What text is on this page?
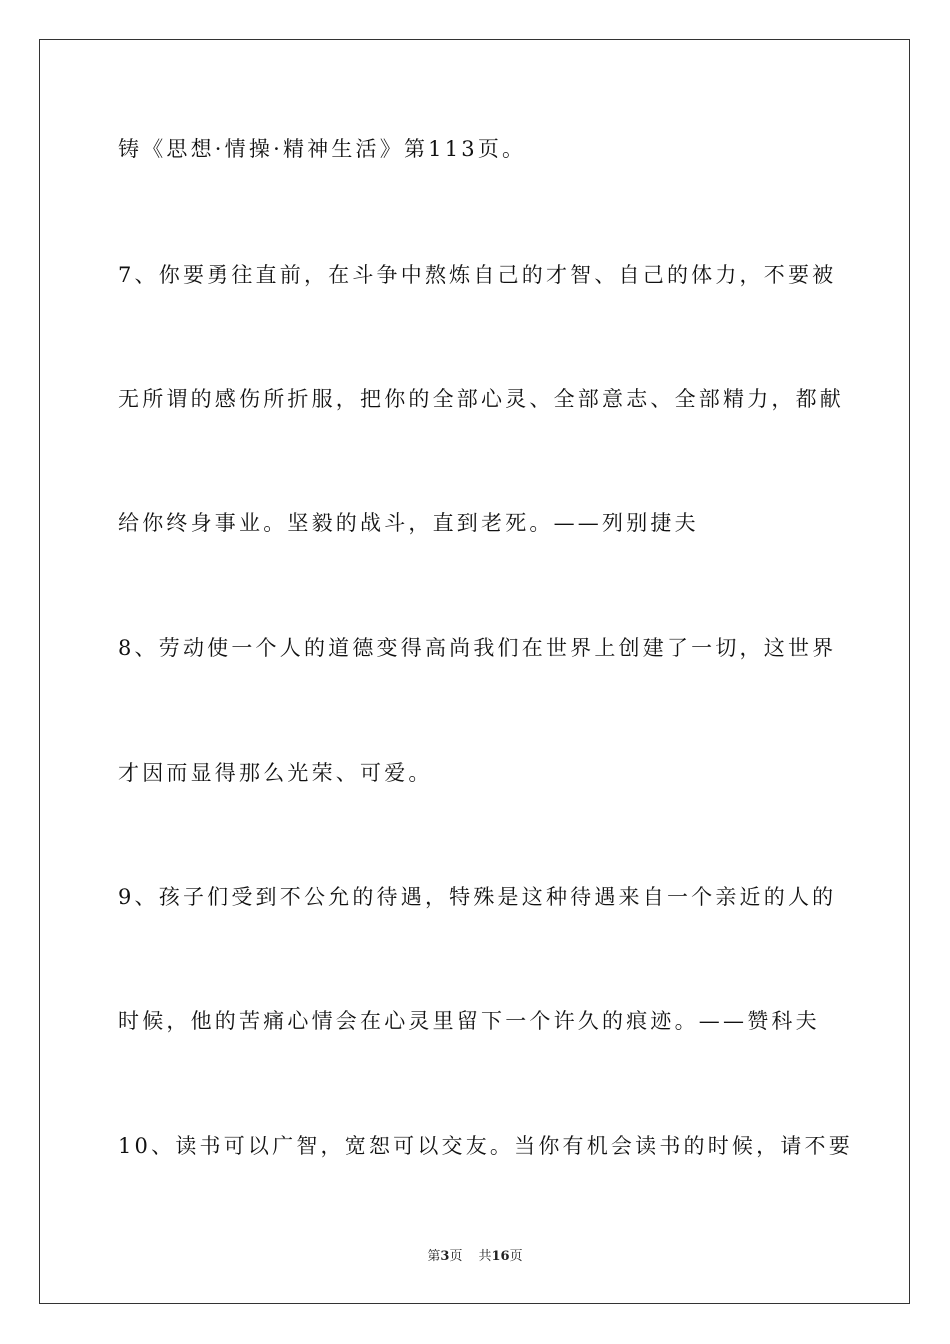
铸《思想·情操·精神生活》第113页。
7、你要勇往直前，在斗争中熬炼自己的才智、自己的体力，不要被
无所谓的感伤所折服，把你的全部心灵、全部意志、全部精力，都献
给你终身事业。坚毅的战斗，直到老死。——列别捷夫
8、劳动使一个人的道德变得高尚我们在世界上创建了一切，这世界
才因而显得那么光荣、可爱。
9、孩子们受到不公允的待遇，特殊是这种待遇来自一个亲近的人的
时候，他的苦痛心情会在心灵里留下一个许久的痕迹。——赞科夫
10、读书可以广智，宽恕可以交友。当你有机会读书的时候，请不要
第3页 共16页
